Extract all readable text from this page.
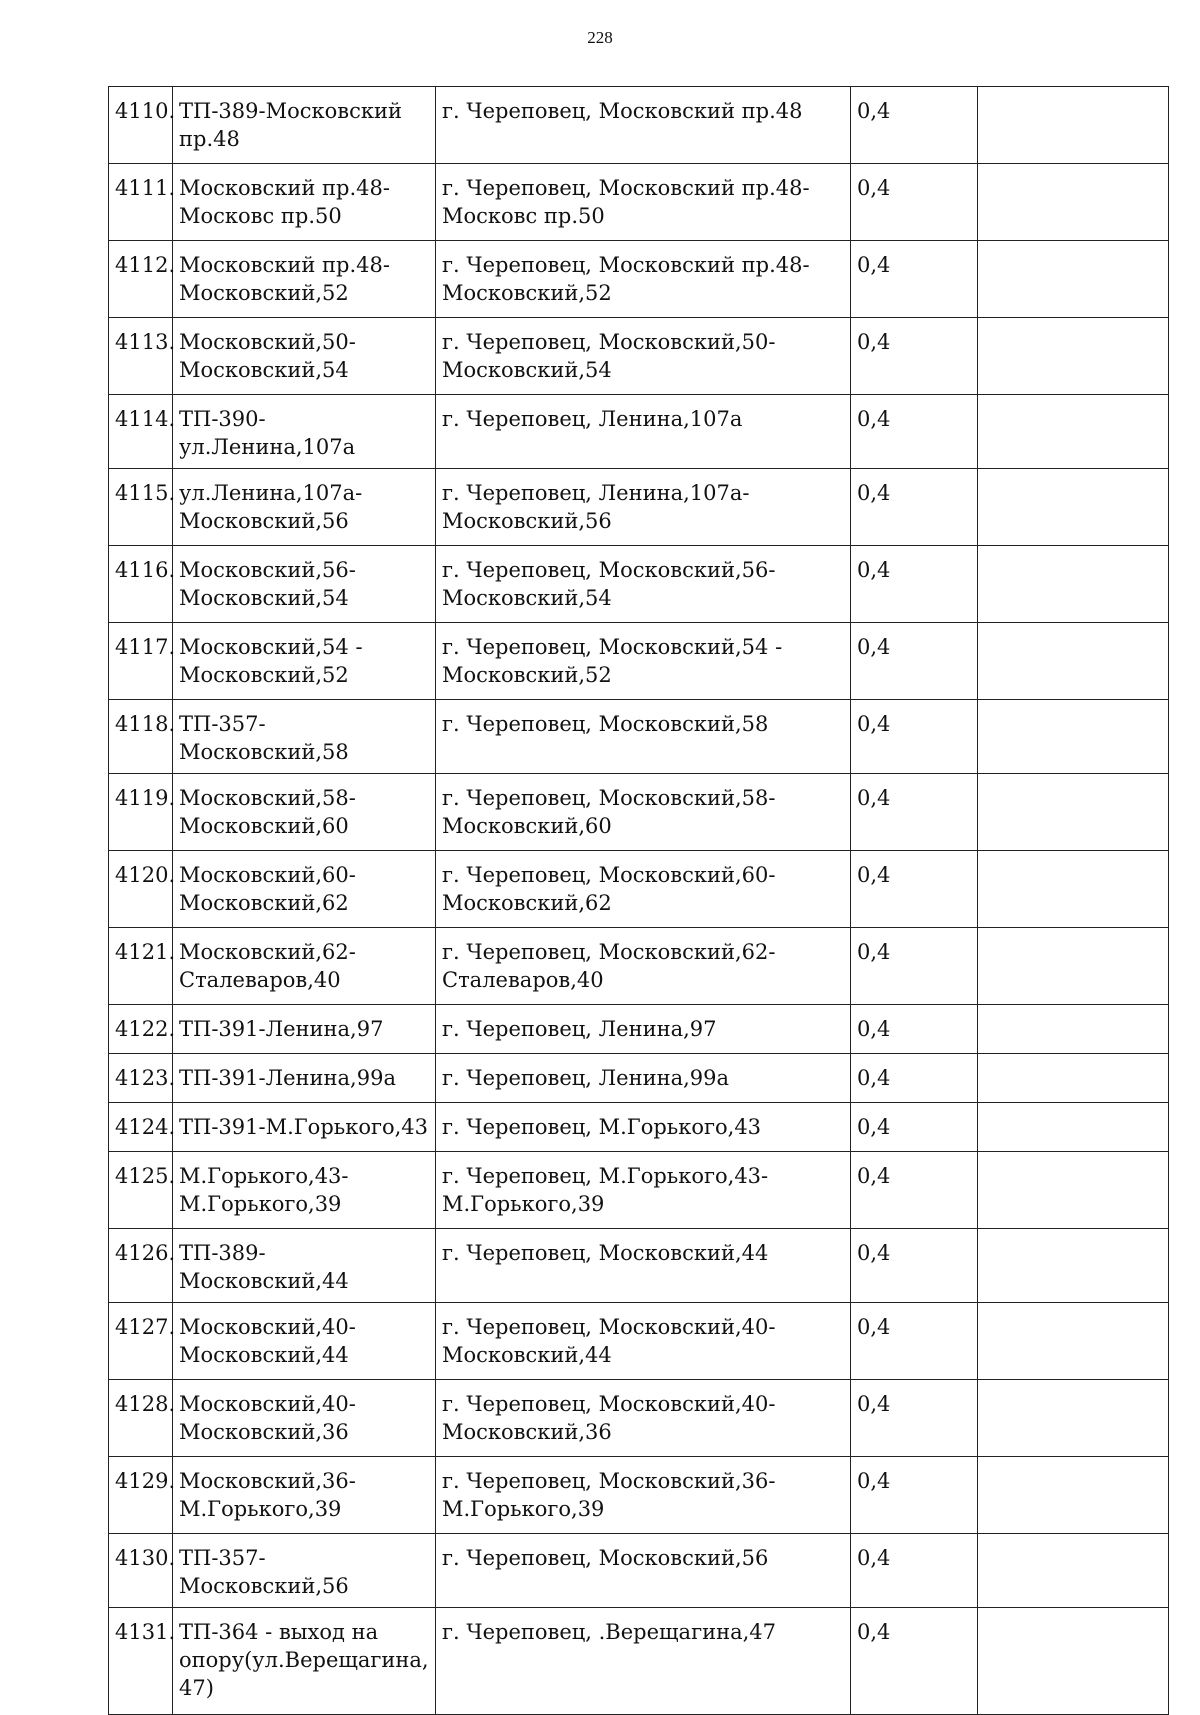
228
4110.	ТП-389-Московский пр.48	г. Череповец, Московский пр.48	0,4	
4111.	Московский пр.48-Московс пр.50	г. Череповец, Московский пр.48-Московс пр.50	0,4	
4112.	Московский пр.48-Московский,52	г. Череповец, Московский пр.48-Московский,52	0,4	
4113.	Московский,50-Московский,54	г. Череповец, Московский,50-Московский,54	0,4	
4114.	ТП-390-ул.Ленина,107а	г. Череповец, Ленина,107а	0,4	
4115.	ул.Ленина,107а-Московский,56	г. Череповец, Ленина,107а-Московский,56	0,4	
4116.	Московский,56-Московский,54	г. Череповец, Московский,56-Московский,54	0,4	
4117.	Московский,54 - Московский,52	г. Череповец, Московский,54 - Московский,52	0,4	
4118.	ТП-357-Московский,58	г. Череповец, Московский,58	0,4	
4119.	Московский,58-Московский,60	г. Череповец, Московский,58-Московский,60	0,4	
4120.	Московский,60-Московский,62	г. Череповец, Московский,60-Московский,62	0,4	
4121.	Московский,62-Сталеваров,40	г. Череповец, Московский,62-Сталеваров,40	0,4	
4122.	ТП-391-Ленина,97	г. Череповец, Ленина,97	0,4	
4123.	ТП-391-Ленина,99а	г. Череповец, Ленина,99а	0,4	
4124.	ТП-391-М.Горького,43	г. Череповец, М.Горького,43	0,4	
4125.	М.Горького,43-М.Горького,39	г. Череповец, М.Горького,43-М.Горького,39	0,4	
4126.	ТП-389-Московский,44	г. Череповец, Московский,44	0,4	
4127.	Московский,40-Московский,44	г. Череповец, Московский,40-Московский,44	0,4	
4128.	Московский,40-Московский,36	г. Череповец, Московский,40-Московский,36	0,4	
4129.	Московский,36-М.Горького,39	г. Череповец, Московский,36-М.Горького,39	0,4	
4130.	ТП-357-Московский,56	г. Череповец, Московский,56	0,4	
4131.	ТП-364 - выход на опору(ул.Верещагина,47)	г. Череповец, .Верещагина,47	0,4	
